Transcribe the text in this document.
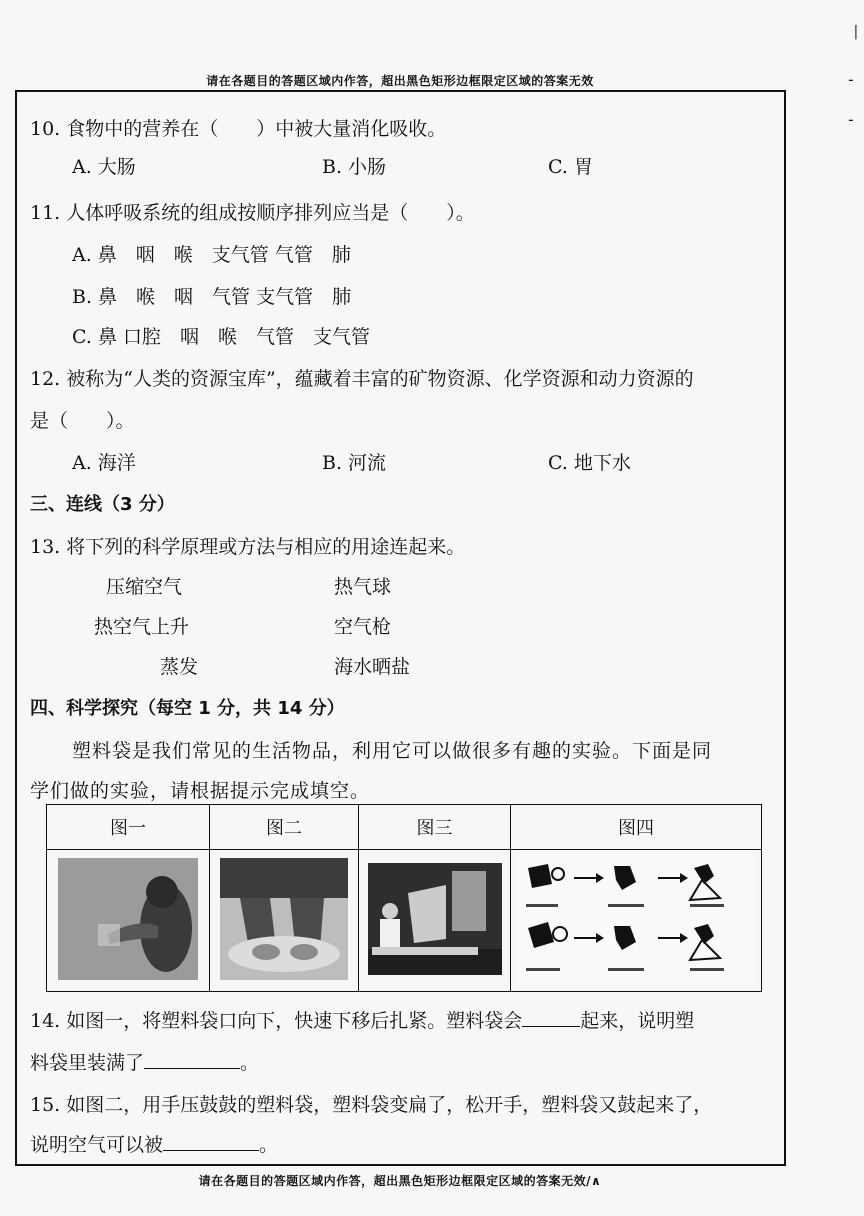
请在各题目的答题区域内作答，超出黑色矩形边框限定区域的答案无效
10. 食物中的营养在（　　）中被大量消化吸收。
A. 大肠	B. 小肠	C. 胃
11. 人体呼吸系统的组成按顺序排列应当是（　　）。
A. 鼻　咽　喉　支气管 气管　肺
B. 鼻　喉　咽　气管 支气管　肺
C. 鼻 口腔　咽　喉　气管　支气管
12. 被称为“人类的资源宝库”，蕴藏着丰富的矿物资源、化学资源和动力资源的
是（　　）。
A. 海洋	B. 河流	C. 地下水
三、连线（3 分）
13. 将下列的科学原理或方法与相应的用途连起来。
压缩空气
热空气上升
蒸发
热气球
空气枪
海水晒盐
四、科学探究（每空 1 分，共 14 分）
塑料袋是我们常见的生活物品，利用它可以做很多有趣的实验。下面是同
学们做的实验，请根据提示完成填空。
图一	图二	图三	图四

14. 如图一，将塑料袋口向下，快速下移后扎紧。塑料袋会	起来，说明塑
料袋里装满了	。
15. 如图二，用手压鼓鼓的塑料袋，塑料袋变扁了，松开手，塑料袋又鼓起来了，
说明空气可以被	。
请在各题目的答题区域内作答，超出黑色矩形边框限定区域的答案无效/∧
丨
-
-
